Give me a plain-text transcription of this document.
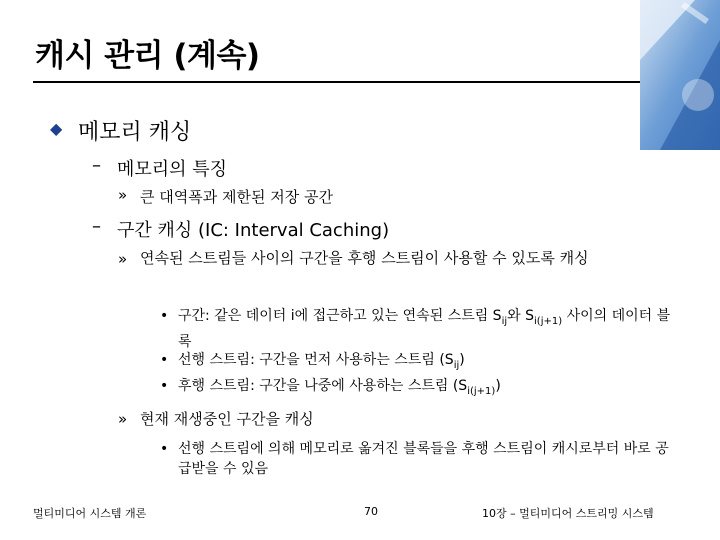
캐시 관리 (계속)
◆ 메모리 캐싱
– 메모리의 특징
» 큰 대역폭과 제한된 저장 공간
– 구간 캐싱 (IC: Interval Caching)
» 연속된 스트림들 사이의 구간을 후행 스트림이 사용할 수 있도록 캐싱
• 구간: 같은 데이터 i에 접근하고 있는 연속된 스트림 $S_{ij}$와 $S_{i(j+1)}$ 사이의 데이터 블록
• 선행 스트림: 구간을 먼저 사용하는 스트림 $(S_{ij})$
• 후행 스트림: 구간을 나중에 사용하는 스트림 $(S_{i(j+1)})$
» 현재 재생중인 구간을 캐싱
• 선행 스트림에 의해 메모리로 옮겨진 블록들을 후행 스트림이 캐시로부터 바로 공급받을 수 있음
멀티미디어 시스템 개론	70	10장 – 멀티미디어 스트리밍 시스템
